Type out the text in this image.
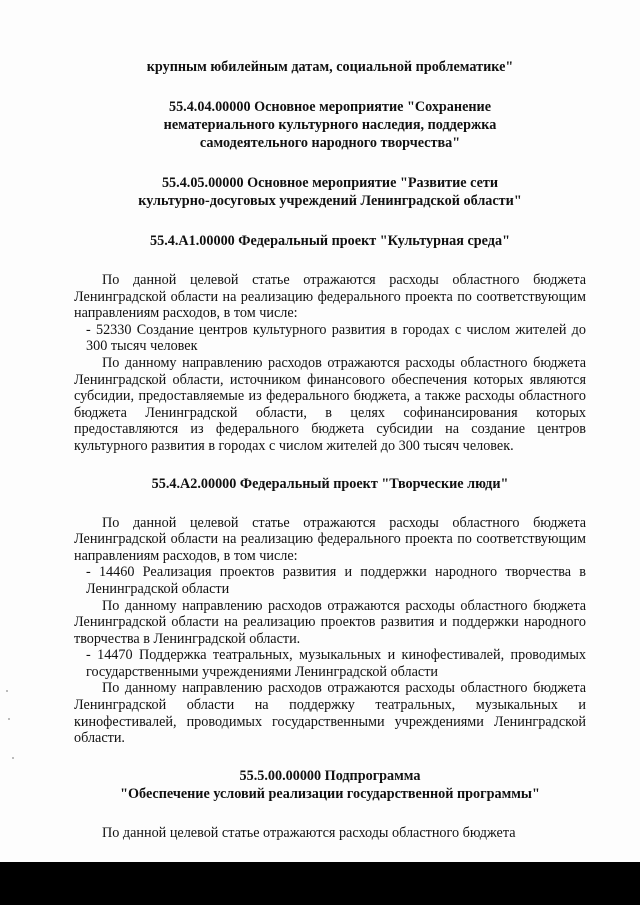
крупным юбилейным датам, социальной проблематике"

55.4.04.00000 Основное мероприятие "Сохранение
нематериального культурного наследия, поддержка
самодеятельного народного творчества"

55.4.05.00000 Основное мероприятие "Развитие сети
культурно-досуговых учреждений Ленинградской области"

55.4.A1.00000 Федеральный проект "Культурная среда"

По данной целевой статье отражаются расходы областного бюджета Ленинградской области на реализацию федерального проекта по соответствующим направлениям расходов, в том числе:

- 52330 Создание центров культурного развития в городах с числом жителей до 300 тысяч человек

По данному направлению расходов отражаются расходы областного бюджета Ленинградской области, источником финансового обеспечения которых являются субсидии, предоставляемые из федерального бюджета, а также расходы областного бюджета Ленинградской области, в целях софинансирования которых предоставляются из федерального бюджета субсидии на создание центров культурного развития в городах с числом жителей до 300 тысяч человек.

55.4.A2.00000 Федеральный проект "Творческие люди"

По данной целевой статье отражаются расходы областного бюджета Ленинградской области на реализацию федерального проекта по соответствующим направлениям расходов, в том числе:

- 14460 Реализация проектов развития и поддержки народного творчества в Ленинградской области

По данному направлению расходов отражаются расходы областного бюджета Ленинградской области на реализацию проектов развития и поддержки народного творчества в Ленинградской области.

- 14470 Поддержка театральных, музыкальных и кинофестивалей, проводимых государственными учреждениями Ленинградской области

По данному направлению расходов отражаются расходы областного бюджета Ленинградской области на поддержку театральных, музыкальных и кинофестивалей, проводимых государственными учреждениями Ленинградской области.

55.5.00.00000 Подпрограмма
"Обеспечение условий реализации государственной программы"

По данной целевой статье отражаются расходы областного бюджета
